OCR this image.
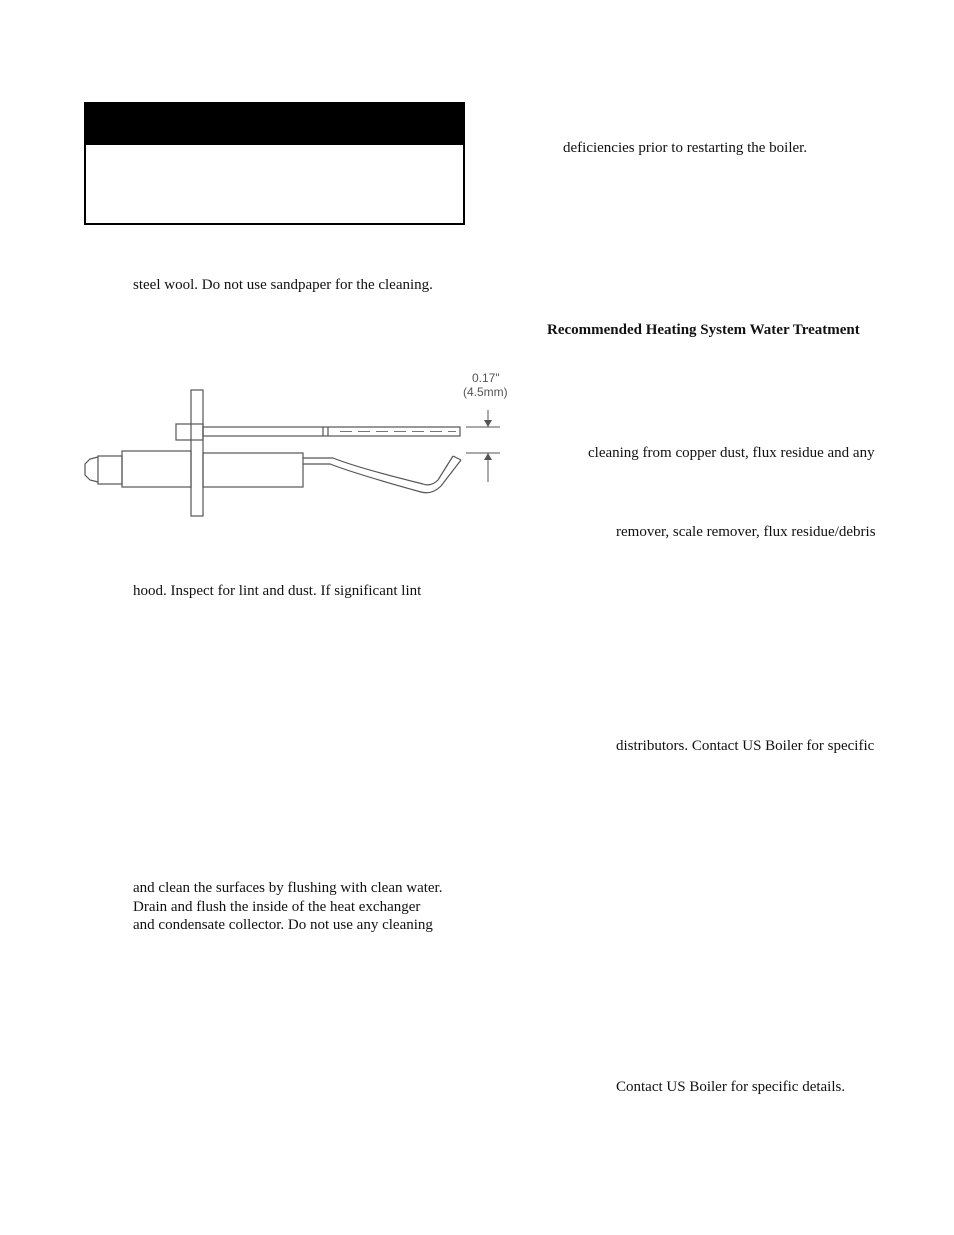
steel wool. Do not use sandpaper for the cleaning.
0.17"
(4.5mm)
hood. Inspect for lint and dust. If significant lint
and clean the surfaces by flushing with clean water.
Drain and flush the inside of the heat exchanger
and condensate collector. Do not use any cleaning
deficiencies prior to restarting the boiler.
Recommended Heating System Water Treatment
cleaning from copper dust, flux residue and any
remover, scale remover, flux residue/debris
distributors. Contact US Boiler for specific
Contact US Boiler for specific details.
